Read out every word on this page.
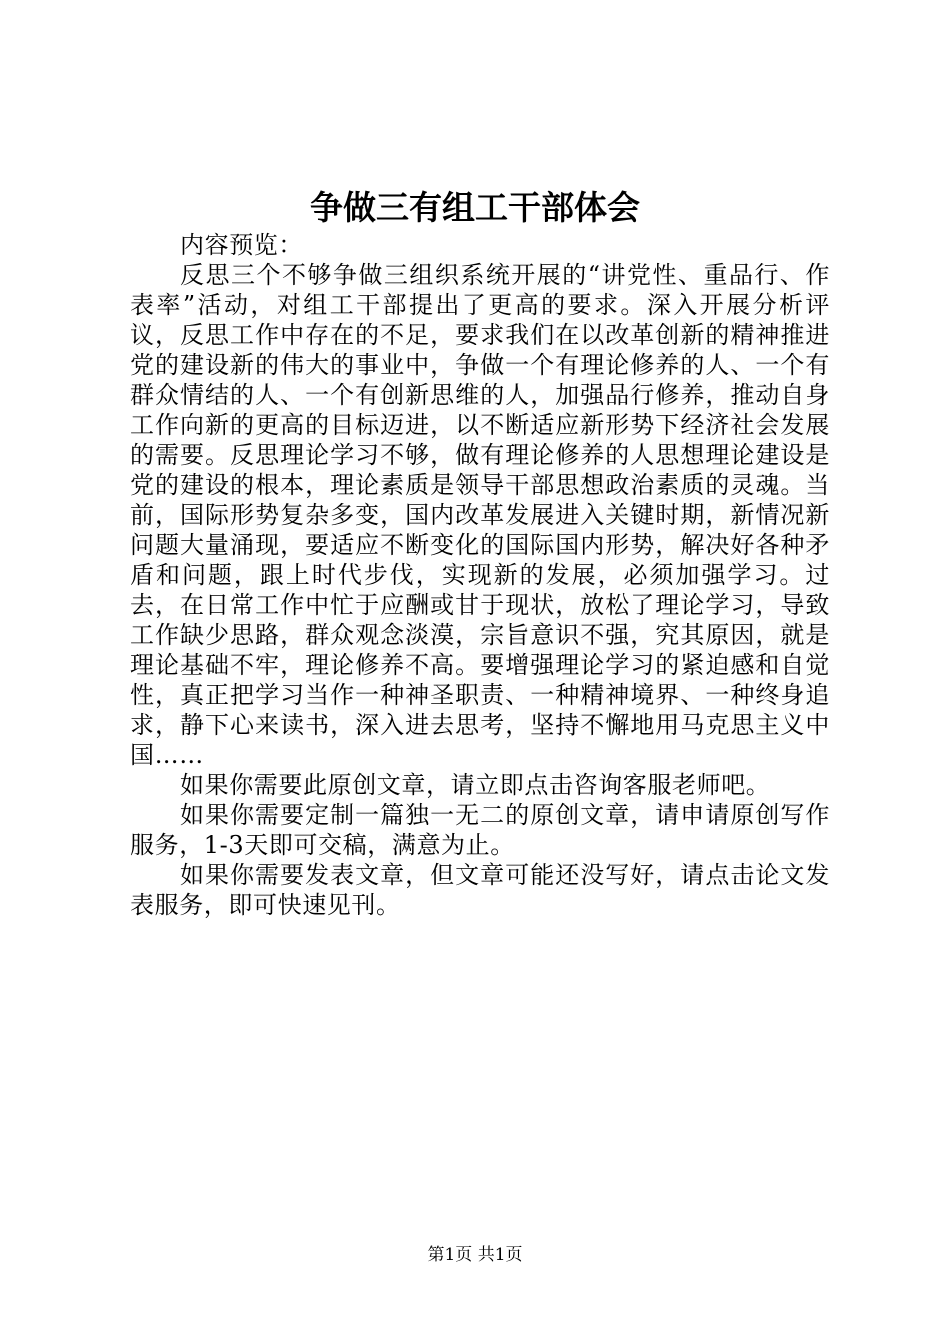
争做三有组工干部体会

内容预览：

反思三个不够争做三组织系统开展的“讲党性、重品行、作表率”活动，对组工干部提出了更高的要求。深入开展分析评议，反思工作中存在的不足，要求我们在以改革创新的精神推进党的建设新的伟大的事业中，争做一个有理论修养的人、一个有群众情结的人、一个有创新思维的人，加强品行修养，推动自身工作向新的更高的目标迈进，以不断适应新形势下经济社会发展的需要。反思理论学习不够，做有理论修养的人思想理论建设是党的建设的根本，理论素质是领导干部思想政治素质的灵魂。当前，国际形势复杂多变，国内改革发展进入关键时期，新情况新问题大量涌现，要适应不断变化的国际国内形势，解决好各种矛盾和问题，跟上时代步伐，实现新的发展，必须加强学习。过去，在日常工作中忙于应酬或甘于现状，放松了理论学习，导致工作缺少思路，群众观念淡漠，宗旨意识不强，究其原因，就是理论基础不牢，理论修养不高。要增强理论学习的紧迫感和自觉性，真正把学习当作一种神圣职责、一种精神境界、一种终身追求，静下心来读书，深入进去思考，坚持不懈地用马克思主义中国……

如果你需要此原创文章，请立即点击咨询客服老师吧。

如果你需要定制一篇独一无二的原创文章，请申请原创写作服务，1-3天即可交稿，满意为止。

如果你需要发表文章，但文章可能还没写好，请点击论文发表服务，即可快速见刊。

第1页 共1页
